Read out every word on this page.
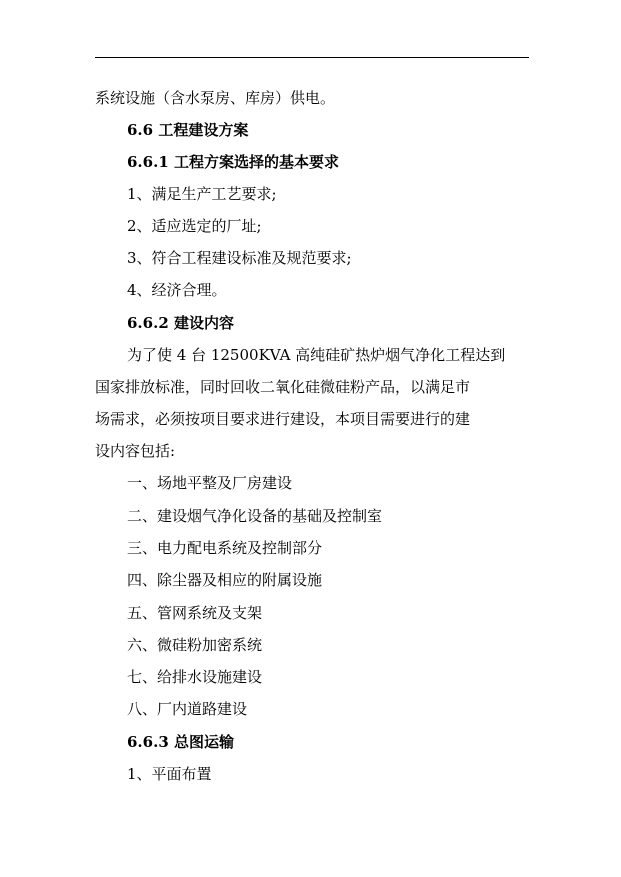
系统设施（含水泵房、库房）供电。
6.6 工程建设方案
6.6.1 工程方案选择的基本要求
1、满足生产工艺要求;
2、适应选定的厂址;
3、符合工程建设标准及规范要求;
4、经济合理。
6.6.2 建设内容
为了使 4 台 12500KVA 高纯硅矿热炉烟气净化工程达到
国家排放标准，同时回收二氧化硅微硅粉产品，以满足市
场需求，必须按项目要求进行建设，本项目需要进行的建
设内容包括:
一、场地平整及厂房建设
二、建设烟气净化设备的基础及控制室
三、电力配电系统及控制部分
四、除尘器及相应的附属设施
五、管网系统及支架
六、微硅粉加密系统
七、给排水设施建设
八、厂内道路建设
6.6.3 总图运输
1、平面布置
